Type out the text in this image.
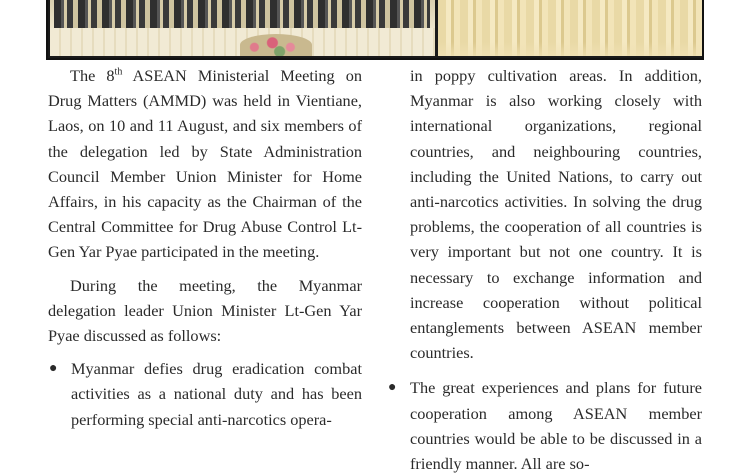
The 8th ASEAN Ministerial Meeting on Drug Matters (AMMD) was held in Vientiane, Laos, on 10 and 11 August, and six members of the delegation led by State Administration Council Member Union Minister for Home Affairs, in his capacity as the Chairman of the Central Committee for Drug Abuse Control Lt-Gen Yar Pyae participated in the meeting.

During the meeting, the Myanmar delegation leader Union Minister Lt-Gen Yar Pyae discussed as follows:

● Myanmar defies drug eradication combat activities as a national duty and has been performing special anti-narcotics opera-

in poppy cultivation areas. In addition, Myanmar is also working closely with international organizations, regional countries, and neighbouring countries, including the United Nations, to carry out anti-narcotics activities. In solving the drug problems, the cooperation of all countries is very important but not one country. It is necessary to exchange information and increase cooperation without political entanglements between ASEAN member countries.

● The great experiences and plans for future cooperation among ASEAN member countries would be able to be discussed in a friendly manner. All are so-
